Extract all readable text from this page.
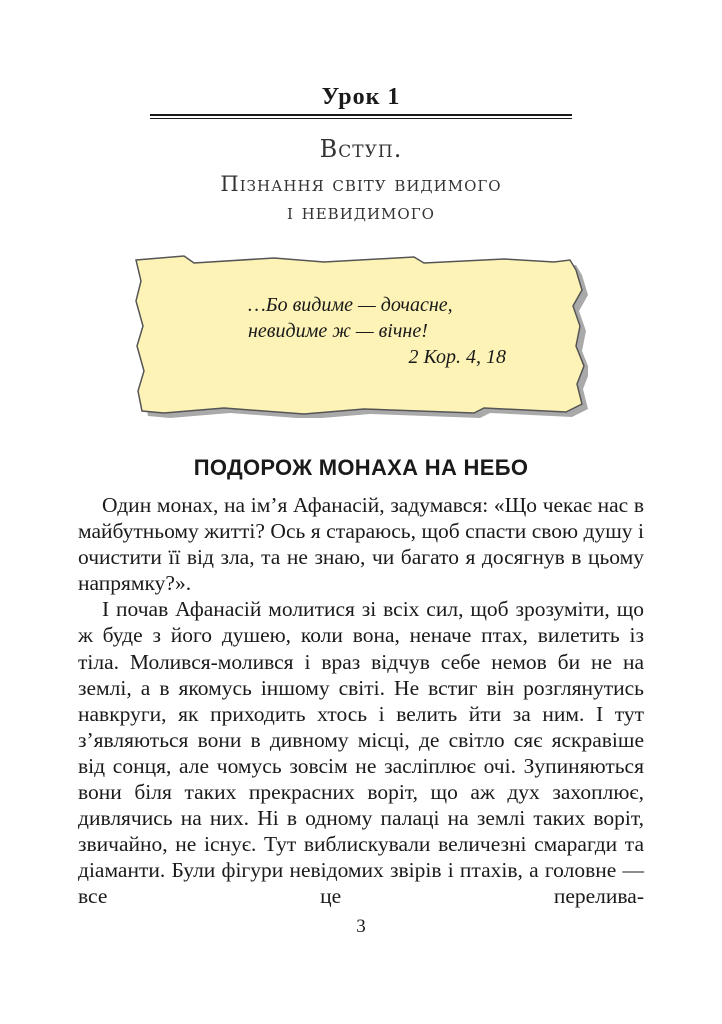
Урок 1
Вступ.
Пізнання світу видимого
і невидимого
…Бо видиме — дочасне,
невидиме ж — вічне!
2 Кор. 4, 18
ПОДОРОЖ МОНАХА НА НЕБО

Один монах, на ім’я Афанасій, задумався: «Що чекає нас в майбутньому житті? Ось я стараюсь, щоб спасти свою душу і очистити її від зла, та не знаю, чи багато я досягнув в цьому напрямку?».

І почав Афанасій молитися зі всіх сил, щоб зрозуміти, що ж буде з його душею, коли вона, неначе птах, вилетить із тіла. Молився-молився і враз відчув себе немов би не на землі, а в якомусь іншому світі. Не встиг він розглянутись навкруги, як приходить хтось і велить йти за ним. І тут з’являються вони в дивному місці, де світло сяє яскравіше від сонця, але чомусь зовсім не засліплює очі. Зупиняються вони біля таких прекрасних воріт, що аж дух захоплює, дивлячись на них. Ні в одному палаці на землі таких воріт, звичайно, не існує. Тут виблискували величезні смарагди та діаманти. Були фігури невідомих звірів і птахів, а головне — все це перелива-

3
